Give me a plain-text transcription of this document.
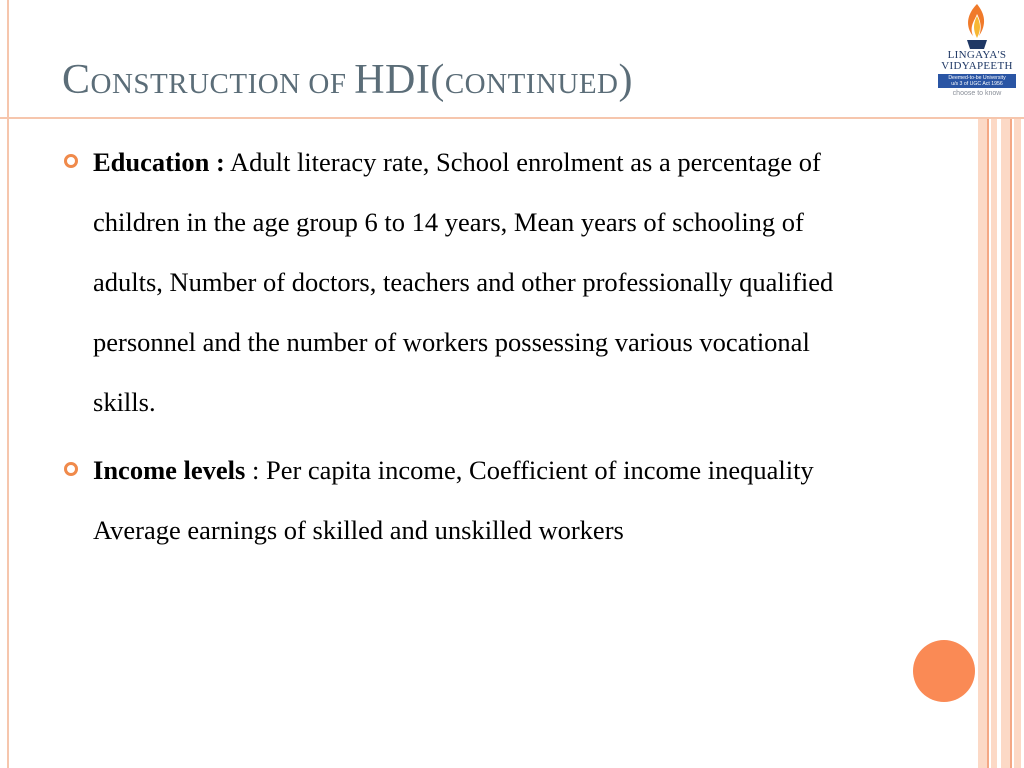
CONSTRUCTION OF HDI(CONTINUED)
LINGAYA'S
VIDYAPEETH
Deemed-to-be University
u/s 3 of UGC Act 1956
choose to know
Education : Adult literacy rate, School enrolment as a percentage of children in the age group 6 to 14 years, Mean years of schooling of adults, Number of doctors, teachers and other professionally qualified personnel and the number of workers possessing various vocational skills.
Income levels : Per capita income, Coefficient of income inequality Average earnings of skilled and unskilled workers
